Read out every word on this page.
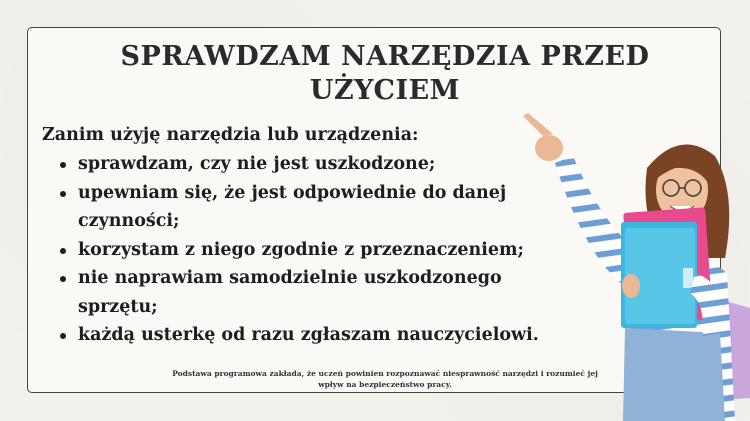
SPRAWDZAM NARZĘDZIA PRZED UŻYCIEM

Zanim użyję narzędzia lub urządzenia:

sprawdzam, czy nie jest uszkodzone;
upewniam się, że jest odpowiednie do danej czynności;
korzystam z niego zgodnie z przeznaczeniem;
nie naprawiam samodzielnie uszkodzonego sprzętu;
każdą usterkę od razu zgłaszam nauczycielowi.

Podstawa programowa zakłada, że uczeń powinien rozpoznawać niesprawność narzędzi i rozumieć jej wpływ na bezpieczeństwo pracy.
